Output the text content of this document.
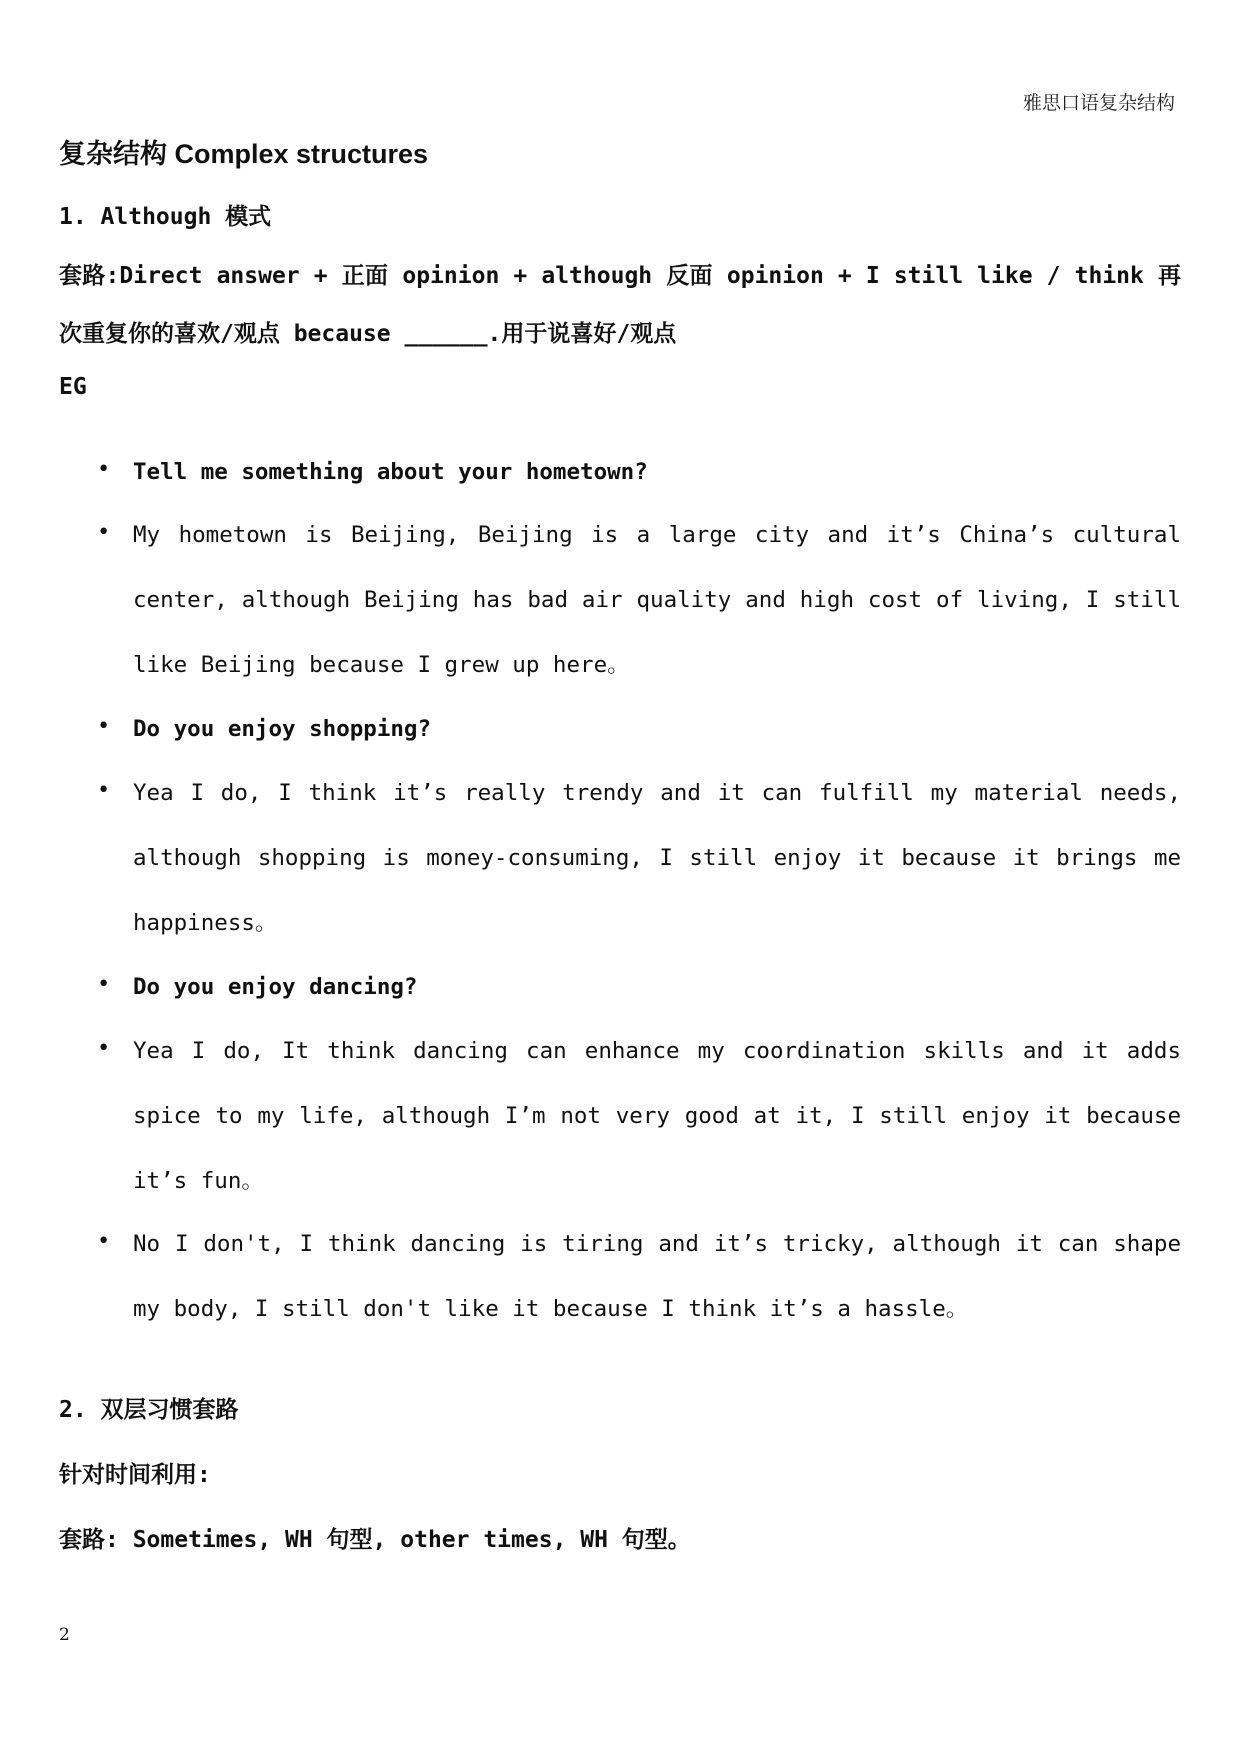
雅思口语复杂结构
复杂结构 Complex structures
1. Although 模式
套路:Direct answer + 正面 opinion + although 反面 opinion + I still like / think 再
次重复你的喜欢/观点 because ______.用于说喜好/观点
EG
• Tell me something about your hometown?
• My hometown is Beijing, Beijing is a large city and it’s China’s cultural center, although Beijing has bad air quality and high cost of living, I still like Beijing because I grew up here。
• Do you enjoy shopping?
• Yea I do, I think it’s really trendy and it can fulfill my material needs, although shopping is money-consuming, I still enjoy it because it brings me happiness。
• Do you enjoy dancing?
• Yea I do, It think dancing can enhance my coordination skills and it adds spice to my life, although I’m not very good at it, I still enjoy it because it’s fun。
• No I don't, I think dancing is tiring and it’s tricky, although it can shape my body, I still don't like it because I think it’s a hassle。
2. 双层习惯套路
针对时间利用:
套路: Sometimes, WH 句型, other times, WH 句型。
2
